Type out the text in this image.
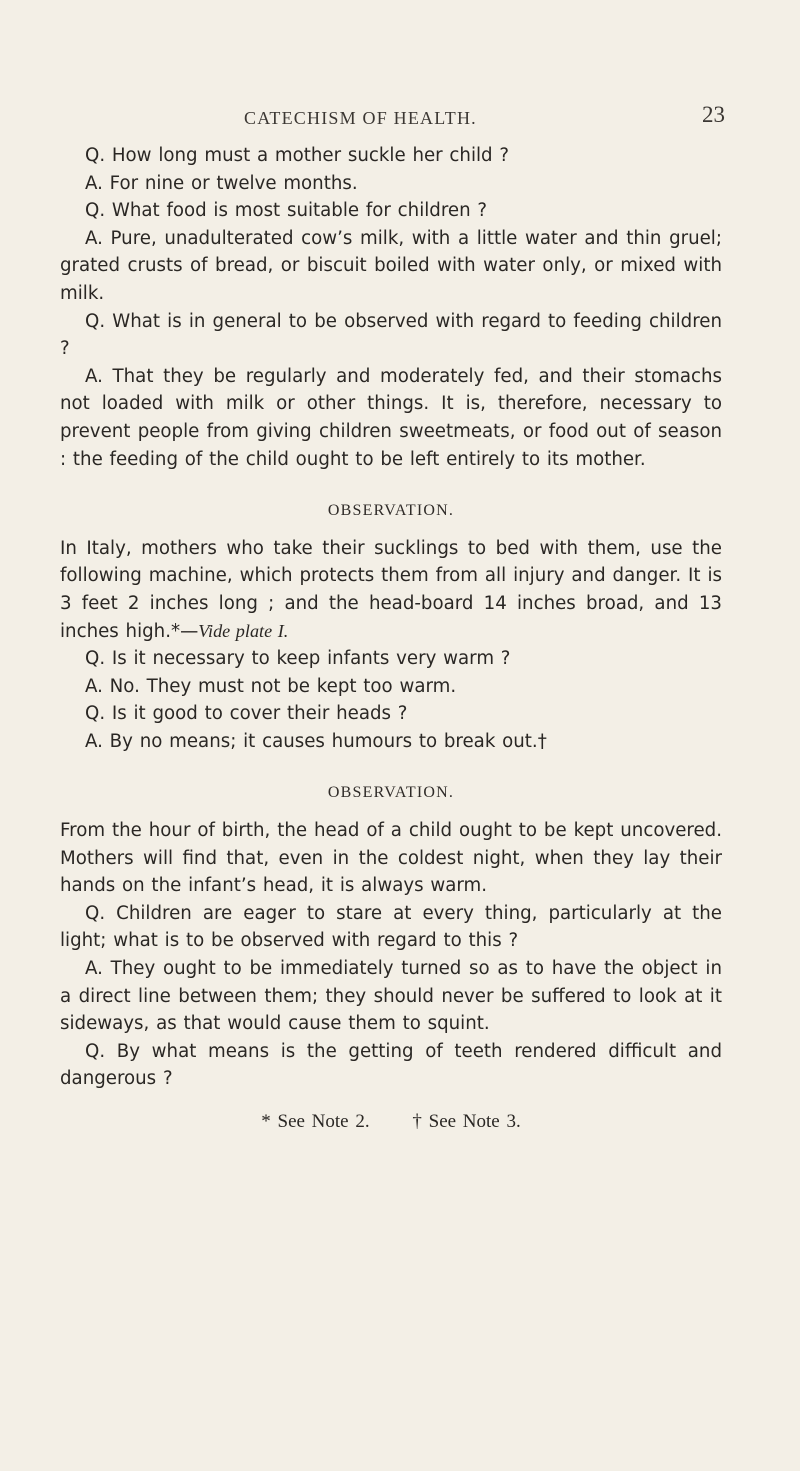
CATECHISM OF HEALTH.	23

Q. How long must a mother suckle her child ?

A. For nine or twelve months.

Q. What food is most suitable for children ?

A. Pure, unadulterated cow’s milk, with a little water and thin gruel; grated crusts of bread, or biscuit boiled with water only, or mixed with milk.

Q. What is in general to be observed with regard to feeding children ?

A. That they be regularly and moderately fed, and their stomachs not loaded with milk or other things. It is, therefore, necessary to prevent people from giving children sweetmeats, or food out of season : the feeding of the child ought to be left entirely to its mother.

OBSERVATION.

In Italy, mothers who take their sucklings to bed with them, use the following machine, which protects them from all injury and danger. It is 3 feet 2 inches long ; and the head-board 14 inches broad, and 13 inches high.*—Vide plate I.

Q. Is it necessary to keep infants very warm ?

A. No. They must not be kept too warm.

Q. Is it good to cover their heads ?

A. By no means; it causes humours to break out.†

OBSERVATION.

From the hour of birth, the head of a child ought to be kept uncovered. Mothers will find that, even in the coldest night, when they lay their hands on the infant’s head, it is always warm.

Q. Children are eager to stare at every thing, particularly at the light; what is to be observed with regard to this ?

A. They ought to be immediately turned so as to have the object in a direct line between them; they should never be suffered to look at it sideways, as that would cause them to squint.

Q. By what means is the getting of teeth rendered difficult and dangerous ?

* See Note 2. † See Note 3.
